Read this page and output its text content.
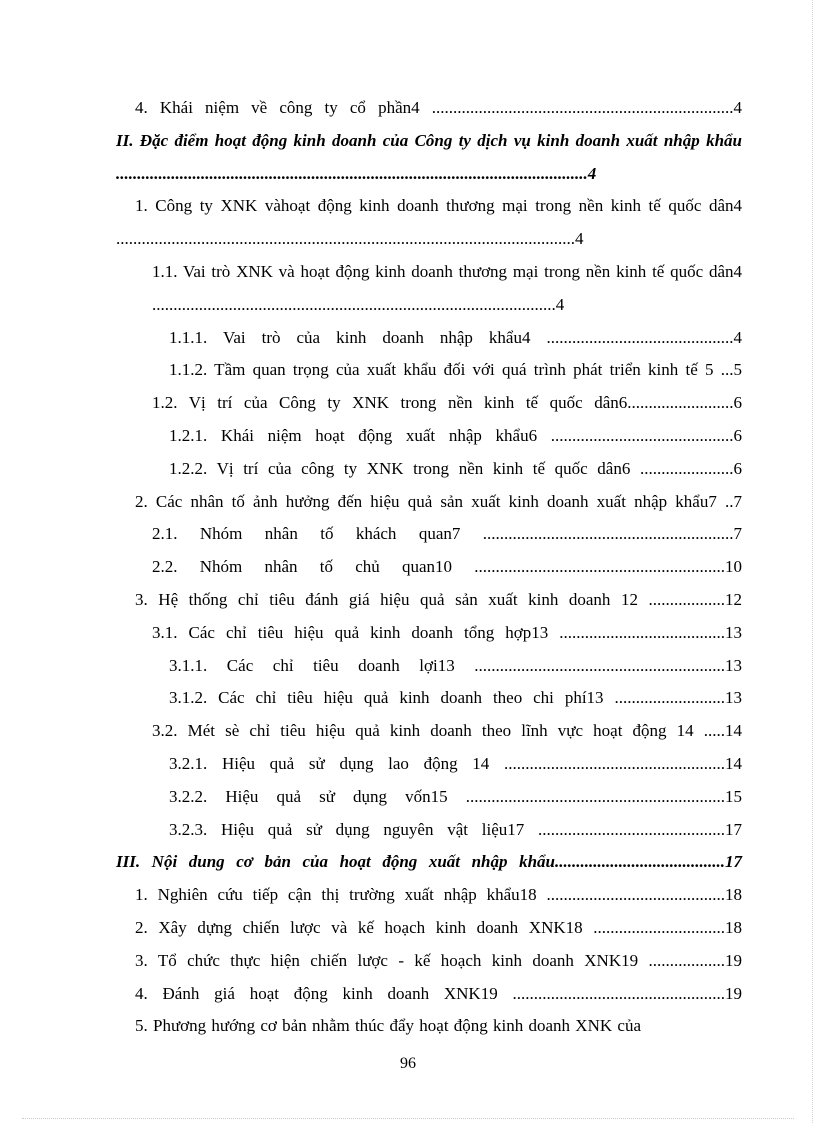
4. Khái niệm về công ty cổ phần4 .......................................................................4
II. Đặc điểm hoạt động kinh doanh của Công ty dịch vụ kinh doanh xuất nhập khẩu ...............................................................................................................4
1. Công ty XNK vàhoạt động kinh doanh thương mại trong nền kinh tế quốc dân4 ............................................................................................................4
1.1. Vai trò XNK và hoạt động kinh doanh thương mại trong nền kinh tế quốc dân4 ...............................................................................................4
1.1.1. Vai trò của kinh doanh nhập khẩu4 ............................................4
1.1.2. Tầm quan trọng của xuất khẩu đối với quá trình phát triển kinh tế 5 ...5
1.2. Vị trí của Công ty XNK trong nền kinh tế quốc dân6.........................6
1.2.1. Khái niệm hoạt động xuất nhập khẩu6 ...........................................6
1.2.2. Vị trí của công ty XNK trong nền kinh tế quốc dân6 ......................6
2. Các nhân tố ảnh hưởng đến hiệu quả sản xuất kinh doanh xuất nhập khẩu7 ..7
2.1. Nhóm nhân tố khách quan7 ...........................................................7
2.2. Nhóm nhân tố chủ quan10 ...........................................................10
3. Hệ thống chỉ tiêu đánh giá hiệu quả sản xuất kinh doanh 12 ..................12
3.1. Các chỉ tiêu hiệu quả kinh doanh tổng hợp13 .......................................13
3.1.1. Các chỉ tiêu doanh lợi13 ...........................................................13
3.1.2. Các chỉ tiêu hiệu quả kinh doanh theo chi phí13 ..........................13
3.2. Mét sè chỉ tiêu hiệu quả kinh doanh theo lĩnh vực hoạt động 14 .....14
3.2.1. Hiệu quả sử dụng lao động 14 ....................................................14
3.2.2. Hiệu quả sử dụng vốn15 .............................................................15
3.2.3. Hiệu quả sử dụng nguyên vật liệu17 ............................................17
III. Nội dung cơ bản của hoạt động xuất nhập khẩu........................................17
1. Nghiên cứu tiếp cận thị trường xuất nhập khẩu18 ..........................................18
2. Xây dựng chiến lược và kế hoạch kinh doanh XNK18 ...............................18
3. Tổ chức thực hiện chiến lược - kế hoạch kinh doanh XNK19 ..................19
4. Đánh giá hoạt động kinh doanh XNK19 ..................................................19
5. Phương hướng cơ bản nhằm thúc đẩy hoạt động kinh doanh XNK của
96
